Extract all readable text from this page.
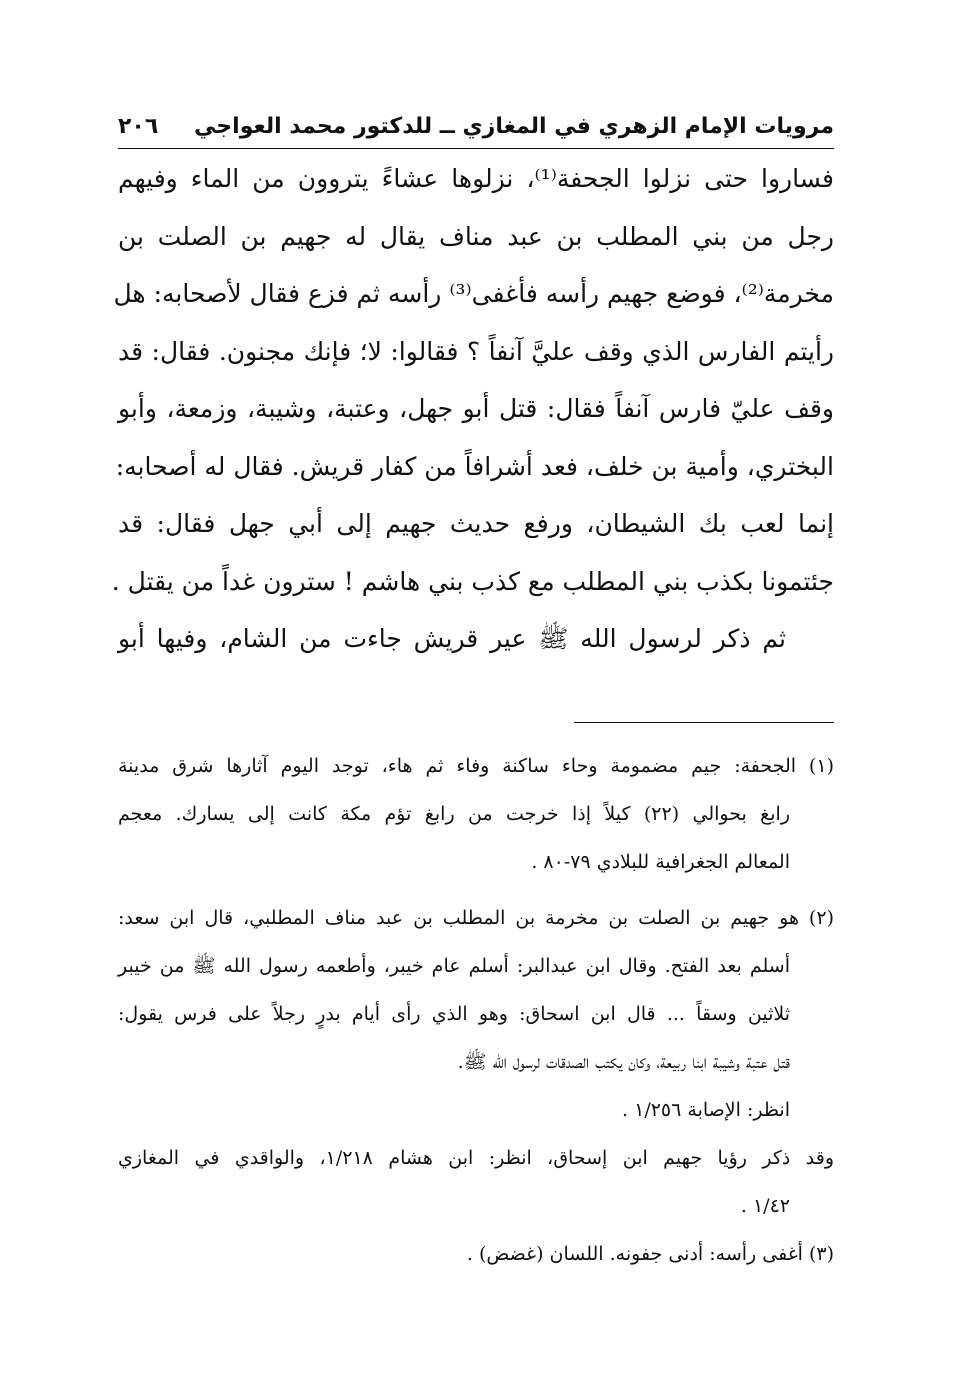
مرويات الإمام الزهري في المغازي ــ للدكتور محمد العواجي
٢٠٦
فساروا حتى نزلوا الجحفة⁽¹⁾، نزلوها عشاءً يتروون من الماء وفيهم
رجل من بني المطلب بن عبد مناف يقال له جهيم بن الصلت بن
مخرمة⁽²⁾، فوضع جهيم رأسه فأغفى⁽³⁾ رأسه ثم فزع فقال لأصحابه: هل
رأيتم الفارس الذي وقف عليَّ آنفاً ؟ فقالوا: لا؛ فإنك مجنون. فقال: قد
وقف عليّ فارس آنفاً فقال: قتل أبو جهل، وعتبة، وشيبة، وزمعة، وأبو
البختري، وأمية بن خلف، فعد أشرافاً من كفار قريش. فقال له أصحابه:
إنما لعب بك الشيطان، ورفع حديث جهيم إلى أبي جهل فقال: قد
جئتمونا بكذب بني المطلب مع كذب بني هاشم ! سترون غداً من يقتل .
ثم ذكر لرسول الله ﷺ عير قريش جاءت من الشام، وفيها أبو
(١) الجحفة: جيم مضمومة وحاء ساكنة وفاء ثم هاء، توجد اليوم آثارها شرق مدينة
رابغ بحوالي (٢٢) كيلاً إذا خرجت من رابغ تؤم مكة كانت إلى يسارك. معجم
المعالم الجغرافية للبلادي ٧٩-٨٠ .
(٢) هو جهيم بن الصلت بن مخرمة بن المطلب بن عبد مناف المطلبي، قال ابن سعد:
أسلم بعد الفتح. وقال ابن عبدالبر: أسلم عام خيبر، وأطعمه رسول الله ﷺ من خيبر
ثلاثين وسقاً ... قال ابن اسحاق: وهو الذي رأى أيام بدرٍ رجلاً على فرس يقول:
قتل عتبة وشيبة ابنا ربيعة، وكان يكتب الصدقات لرسول الله ﷺ.
انظر: الإصابة ١/٢٥٦ .
وقد ذكر رؤيا جهيم ابن إسحاق، انظر: ابن هشام ١/٢١٨، والواقدي في المغازي
١/٤٢ .
(٣) أغفى رأسه: أدنى جفونه. اللسان (غضض) .
